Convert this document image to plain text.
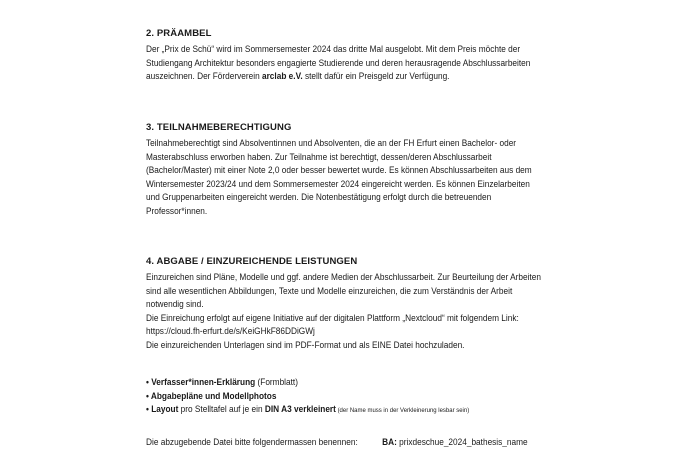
2. PRÄAMBEL

Der „Prix de Schü“ wird im Sommersemester 2024 das dritte Mal ausgelobt. Mit dem Preis möchte der
Studiengang Architektur besonders engagierte Studierende und deren herausragende Abschlussarbeiten
auszeichnen. Der Förderverein arclab e.V. stellt dafür ein Preisgeld zur Verfügung.

3. TEILNAHMEBERECHTIGUNG

Teilnahmeberechtigt sind Absolventinnen und Absolventen, die an der FH Erfurt einen Bachelor- oder
Masterabschluss erworben haben. Zur Teilnahme ist berechtigt, dessen/deren Abschlussarbeit
(Bachelor/Master) mit einer Note 2,0 oder besser bewertet wurde. Es können Abschlussarbeiten aus dem
Wintersemester 2023/24 und dem Sommersemester 2024 eingereicht werden. Es können Einzelarbeiten
und Gruppenarbeiten eingereicht werden. Die Notenbestätigung erfolgt durch die betreuenden
Professor*innen.

4. ABGABE / EINZUREICHENDE LEISTUNGEN

Einzureichen sind Pläne, Modelle und ggf. andere Medien der Abschlussarbeit. Zur Beurteilung der Arbeiten
sind alle wesentlichen Abbildungen, Texte und Modelle einzureichen, die zum Verständnis der Arbeit
notwendig sind.
Die Einreichung erfolgt auf eigene Initiative auf der digitalen Plattform „Nextcloud“ mit folgendem Link:
https://cloud.fh-erfurt.de/s/KeiGHkF86DDiGWj
Die einzureichenden Unterlagen sind im PDF-Format und als EINE Datei hochzuladen.

• Verfasser*innen-Erklärung (Formblatt)
• Abgabepläne und Modellphotos
• Layout pro Stelltafel auf je ein DIN A3 verkleinert (der Name muss in der Verkleinerung lesbar sein)
Die abzugebende Datei bitte folgendermassen benennen:	BA: prixdeschue_2024_bathesis_name
